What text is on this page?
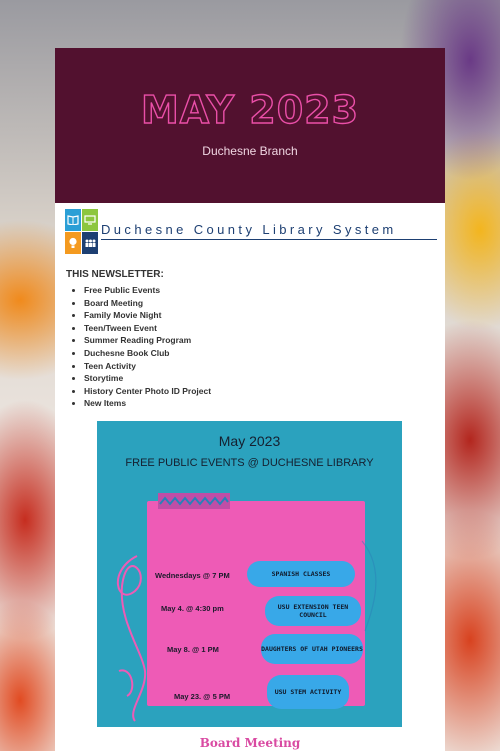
MAY 2023
Duchesne Branch
Duchesne County Library System
THIS NEWSLETTER:
• Free Public Events
• Board Meeting
• Family Movie Night
• Teen/Tween Event
• Summer Reading Program
• Duchesne Book Club
• Teen Activity
• Storytime
• History Center Photo ID Project
• New Items
May 2023
FREE PUBLIC EVENTS @ DUCHESNE LIBRARY
Wednesdays @ 7 PM	SPANISH CLASSES
May 4. @ 4:30 pm	USU EXTENSION TEEN COUNCIL
May 8. @ 1 PM	DAUGHTERS OF UTAH PIONEERS
May 23. @ 5 PM	USU STEM ACTIVITY
Board Meeting
